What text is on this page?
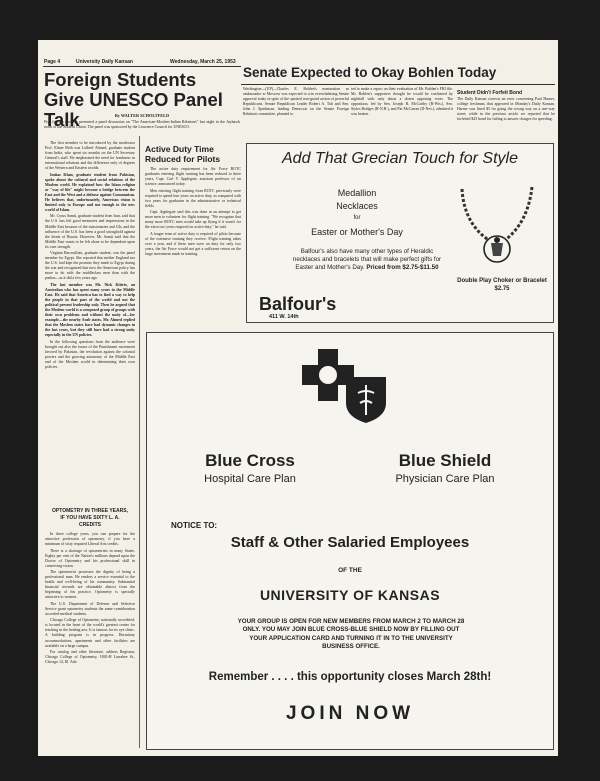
Page 4	University Daily Kansan	Wednesday, March 25, 1953
Foreign Students Give UNESCO Panel Talk	By WALTER SCHOLTFELD
Five foreign students presented a panel discussion on "The American-Moslem-Indian Relations" last night in the Jayhawk room of the Student Union. The panel was sponsored by the Lawrence Council for UNESCO.

The first member to be introduced by the moderator Prof. Elmer Beth was Lalbeel Ahmed, graduate student from India, who spent six months on the UN Secretary General's staff. He emphasized the need for frankness in international relations and the difference only of degrees of the Western and Eastern worlds.

Imtiaz Khan, graduate student from Pakistan, spoke about the cultural and social relations of the Moslem world. He explained how the Islam religion or "way of life" might become a bridge between the East and the West and a defense against Communism. He believes that, unfortunately, American vision is limited only to Europe and not enough to the new world of Islam.

Mr. Cyrus Samii, graduate student from Iran, said that the U.S. has left good memories and impressions in the Middle East because of the missionaries and GIs, and the influence of the U.S. has been a good stronghold against the threat of Russia. However, Mr. Samii said that the Middle East wants to be left alone to be dependent upon its own strength.

Virginia Barcoullian, graduate student, was the panel member for Egypt. She reported that neither England nor the U.S. had kept the promise they made to Egypt during the war and recognized that now the American policy has more to do with the middleclass men than with the pashas—as it did a few years ago.

The last member was Mr. Nick Kittrie, an Australian who has spent many years in the Middle East. He said that America has to find a way to help the people in that part of the world and not the political present leadership only. Then he argued that the Moslem world is a composed group of groups with their own problems and without the unity of—for example—the nearby Arab states. Mr. Ahmed replied that the Moslem states have had dynamic changes in the last years, but they still have had a strong unity especially in the UN policies.

In the following questions from the audience were brought out also the issues of the Punishment movement favored by Pakistan, the revolution against the colonial powers and the growing autonomy of the Middle East and of the Moslem world in determining their own policies.

OPTOMETRY IN THREE YEARS, IF YOU HAVE SIXTY L. A. CREDITS

In three college years, you can prepare for the attractive profession of optometry, if you have a minimum of sixty required Liberal Arts credits.

There is a shortage of optometrists in many States. Eighty per cent of the Nation's millions depend upon the Doctor of Optometry and his professional skill in conserving vision.

The optometrist possesses the dignity of being a professional man. He renders a service essential to the health and well-being of his community. Substantial financial rewards are obtainable almost from the beginning of his practice. Optometry is specially attractive to women.

The U.S. Department of Defense and Selective Service grant optometry students the same consideration accorded medical students.

Chicago College of Optometry, nationally accredited, is located in the heart of the world's greatest center for teaching in the healing arts. It is famous for its eye clinic. A building program is in progress. Dormitory accommodations, apartments and other facilities are available on a large campus.

For catalog and other literature, address Registrar, Chicago College of Optometry, 1845-H Larrabee St., Chicago 14, Ill. Adv.

Senate Expected to Okay Bohlen Today
Washington—(UP)—Charles E. Bohlen's nomination as ambassador to Moscow was expected to win overwhelming Senate approval today in spite of the spirited rear-guard action of powerful Republicans. Senate Republican Leader Robert A. Taft and Sen. John J. Sparkman, leading Democrat on the Senate Foreign Relations committee, planned to
ted to make a report on their evaluation of Mr. Bohlen's FBI file. Mr. Bohlen's supporters thought he would be confirmed by nightfall with only about a dozen opposing votes. The opposition, led by Sen. Joseph R. McCarthy (R-Wis.), Sen. Styles Bridges (R-N.H.), and Pat McCarran (D-Nev.), admitted it was beaten.
Student Didn't Forfeit Bond
The Daily Kansan corrects an error concerning Paul Harner, college freshman, that appeared in Monday's Daily Kansan. Harner was fined $5 for going the wrong way on a one-way street, while in the previous article we reported that he forfeited $25 bond for failing to answer charges for speeding.
Active Duty Time Reduced for Pilots

The active duty requirement for Air Force ROTC graduates entering flight training has been reduced to three years, Capt. Carl V. Applegate, assistant professor of air science, announced today.

Men entering flight training from ROTC previously were required to spend four years on active duty, as compared with two years for graduates in the administrative or technical fields.

Capt. Applegate said this was done in an attempt to get more men to volunteer for flight training. "We recognize that many more ROTC men would take up flying if it wasn't for the extra two years required on active duty," he said.

A longer term of active duty is required of pilots because of the extensive training they receive. Flight training takes over a year, and if these men were on duty for only two years, the Air Force would not get a sufficient return on the large investment made in training.

Add That Grecian Touch for Style
Medallion
Necklaces
for
Easter or Mother's Day
Balfour's also have many other types of Heraldic necklaces and bracelets that will make perfect gifts for Easter and Mother's Day. Priced from $2.75-$11.50
Balfour's
411 W. 14th
Double Play Choker or Bracelet $2.75
Blue Cross
Hospital Care Plan
Blue Shield
Physician Care Plan
NOTICE TO:
Staff & Other Salaried Employees
OF THE
UNIVERSITY OF KANSAS
YOUR GROUP IS OPEN FOR NEW MEMBERS FROM MARCH 2 TO MARCH 28 ONLY. YOU MAY JOIN BLUE CROSS-BLUE SHIELD NOW BY FILLING OUT YOUR APPLICATION CARD AND TURNING IT IN TO THE UNIVERSITY BUSINESS OFFICE.
Remember . . . . this opportunity closes March 28th!
JOIN NOW
